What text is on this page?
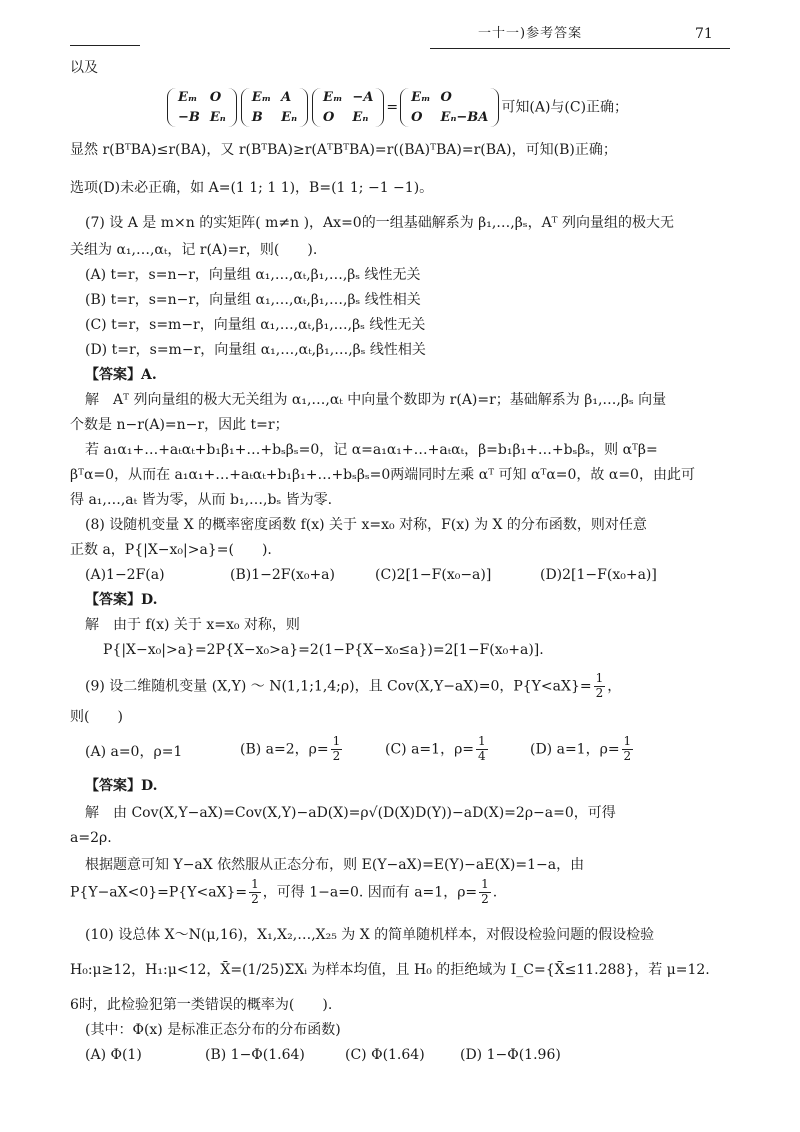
一十一)参考答案	71
以及
Eₘ	O
−B	Eₙ
Eₘ	A
B	Eₙ
Eₘ	−A
O	Eₙ
=
Eₘ	O
O	Eₙ−BA
可知(A)与(C)正确；
显然 r(BᵀBA)≤r(BA)，又 r(BᵀBA)≥r(AᵀBᵀBA)=r((BA)ᵀBA)=r(BA)，可知(B)正确；
选项(D)未必正确，如 A=(1 1; 1 1)，B=(1 1; −1 −1)。
(7) 设 A 是 m×n 的实矩阵( m≠n )，Ax=0的一组基础解系为 β₁,…,βₛ，Aᵀ 列向量组的极大无
关组为 α₁,…,αₜ，记 r(A)=r，则(　　).
(A) t=r，s=n−r，向量组 α₁,…,αₜ,β₁,…,βₛ 线性无关
(B) t=r，s=n−r，向量组 α₁,…,αₜ,β₁,…,βₛ 线性相关
(C) t=r，s=m−r，向量组 α₁,…,αₜ,β₁,…,βₛ 线性无关
(D) t=r，s=m−r，向量组 α₁,…,αₜ,β₁,…,βₛ 线性相关
【答案】A.
解　Aᵀ 列向量组的极大无关组为 α₁,…,αₜ 中向量个数即为 r(A)=r；基础解系为 β₁,…,βₛ 向量
个数是 n−r(A)=n−r，因此 t=r；
若 a₁α₁+…+aₜαₜ+b₁β₁+…+bₛβₛ=0，记 α=a₁α₁+…+aₜαₜ，β=b₁β₁+…+bₛβₛ，则 αᵀβ=
βᵀα=0，从而在 a₁α₁+…+aₜαₜ+b₁β₁+…+bₛβₛ=0两端同时左乘 αᵀ 可知 αᵀα=0，故 α=0，由此可
得 a₁,…,aₜ 皆为零，从而 b₁,…,bₛ 皆为零.
(8) 设随机变量 X 的概率密度函数 f(x) 关于 x=x₀ 对称，F(x) 为 X 的分布函数，则对任意
正数 a，P{|X−x₀|>a}=(　　).
(A)1−2F(a)	(B)1−2F(x₀+a)	(C)2[1−F(x₀−a)]	(D)2[1−F(x₀+a)]
【答案】D.
解　由于 f(x) 关于 x=x₀ 对称，则
P{|X−x₀|>a}=2P{X−x₀>a}=2(1−P{X−x₀≤a})=2[1−F(x₀+a)].
(9) 设二维随机变量 (X,Y) ～ N(1,1;1,4;ρ)，且 Cov(X,Y−aX)=0，$P\{Y<aX\}= \frac{1}{2}$ ，
则(　　)
(A) a=0，ρ=1	(B) a=2，$\rho= \frac{1}{2}$	(C) a=1，$\rho= \frac{1}{4}$	(D) a=1，$\rho= \frac{1}{2}$
【答案】D.
解　由 Cov(X,Y−aX)=Cov(X,Y)−aD(X)=ρ√(D(X)D(Y))−aD(X)=2ρ−a=0，可得
a=2ρ.
根据题意可知 Y−aX 依然服从正态分布，则 E(Y−aX)=E(Y)−aE(X)=1−a，由
$P\{Y-aX<0\}=P\{Y<aX\}= \frac{1}{2}$ ，可得 1−a=0. 因而有 a=1，$\rho= \frac{1}{2}$ .
(10) 设总体 X～N(μ,16)，X₁,X₂,…,X₂₅ 为 X 的简单随机样本，对假设检验问题的假设检验
H₀:μ≥12，H₁:μ<12，X̄=(1/25)ΣXᵢ 为样本均值，且 H₀ 的拒绝域为 I_C={X̄≤11.288}，若 μ=12.
6时，此检验犯第一类错误的概率为(　　).
(其中：Φ(x) 是标准正态分布的分布函数)
(A) Φ(1)	(B) 1−Φ(1.64)	(C) Φ(1.64)	(D) 1−Φ(1.96)
